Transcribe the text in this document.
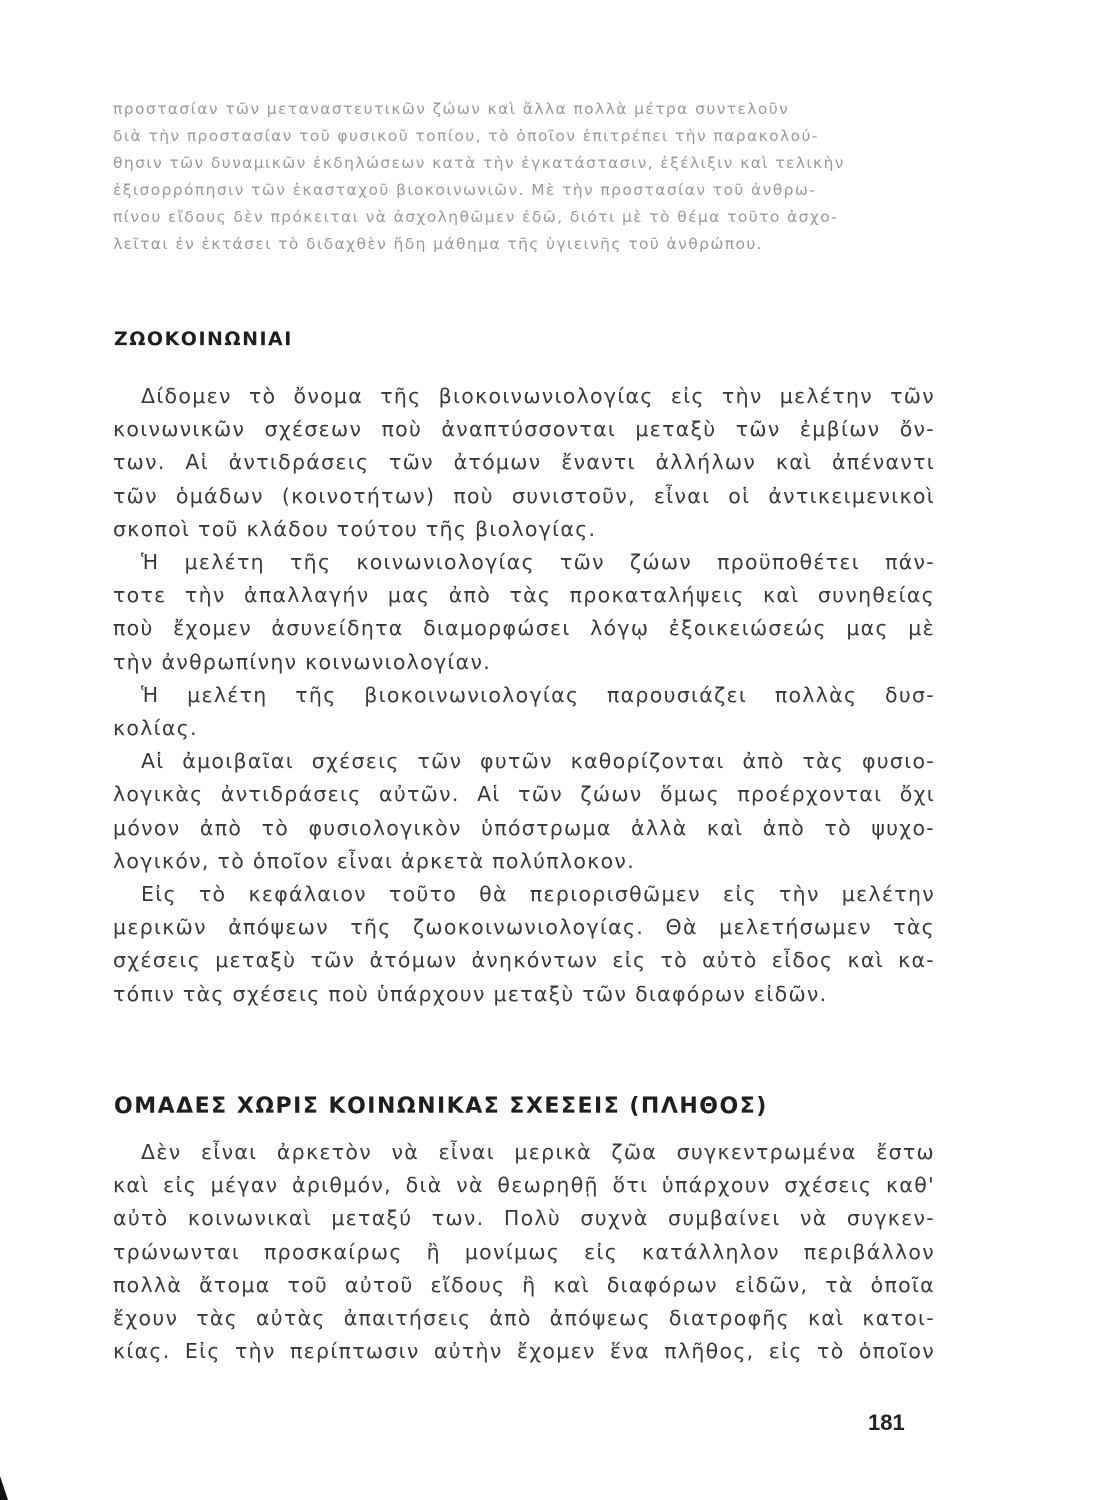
προστασίαν τῶν μεταναστευτικῶν ζώων καὶ ἄλλα πολλὰ μέτρα συντελοῦν
διὰ τὴν προστασίαν τοῦ φυσικοῦ τοπίου, τὸ ὁποῖον ἐπιτρέπει τὴν παρακολού-
θησιν τῶν δυναμικῶν ἐκδηλώσεων κατὰ τὴν ἐγκατάστασιν, ἐξέλιξιν καὶ τελικὴν
ἐξισορρόπησιν τῶν ἑκασταχοῦ βιοκοινωνιῶν. Μὲ τὴν προστασίαν τοῦ ἀνθρω-
πίνου εἴδους δὲν πρόκειται νὰ ἀσχοληθῶμεν ἐδῶ, διότι μὲ τὸ θέμα τοῦτο ἀσχο-
λεῖται ἐν ἐκτάσει τὸ διδαχθὲν ἤδη μάθημα τῆς ὑγιεινῆς τοῦ ἀνθρώπου.
ΖΩΟΚΟΙΝΩΝΙΑΙ
Δίδομεν τὸ ὄνομα τῆς βιοκοινωνιολογίας εἰς τὴν μελέτην τῶν
κοινωνικῶν σχέσεων ποὺ ἀναπτύσσονται μεταξὺ τῶν ἐμβίων ὄν-
των. Αἱ ἀντιδράσεις τῶν ἀτόμων ἔναντι ἀλλήλων καὶ ἀπέναντι
τῶν ὁμάδων (κοινοτήτων) ποὺ συνιστοῦν, εἶναι οἱ ἀντικειμενικοὶ
σκοποὶ τοῦ κλάδου τούτου τῆς βιολογίας.
Ἡ μελέτη τῆς κοινωνιολογίας τῶν ζώων προϋποθέτει πάν-
τοτε τὴν ἀπαλλαγήν μας ἀπὸ τὰς προκαταλήψεις καὶ συνηθείας
ποὺ ἔχομεν ἀσυνείδητα διαμορφώσει λόγῳ ἐξοικειώσεώς μας μὲ
τὴν ἀνθρωπίνην κοινωνιολογίαν.
Ἡ μελέτη τῆς βιοκοινωνιολογίας παρουσιάζει πολλὰς δυσ-
κολίας.
Αἱ ἀμοιβαῖαι σχέσεις τῶν φυτῶν καθορίζονται ἀπὸ τὰς φυσιο-
λογικὰς ἀντιδράσεις αὐτῶν. Αἱ τῶν ζώων ὅμως προέρχονται ὄχι
μόνον ἀπὸ τὸ φυσιολογικὸν ὑπόστρωμα ἀλλὰ καὶ ἀπὸ τὸ ψυχο-
λογικόν, τὸ ὁποῖον εἶναι ἀρκετὰ πολύπλοκον.
Εἰς τὸ κεφάλαιον τοῦτο θὰ περιορισθῶμεν εἰς τὴν μελέτην
μερικῶν ἀπόψεων τῆς ζωοκοινωνιολογίας. Θὰ μελετήσωμεν τὰς
σχέσεις μεταξὺ τῶν ἀτόμων ἀνηκόντων εἰς τὸ αὐτὸ εἶδος καὶ κα-
τόπιν τὰς σχέσεις ποὺ ὑπάρχουν μεταξὺ τῶν διαφόρων εἰδῶν.
ΟΜΑΔΕΣ ΧΩΡΙΣ ΚΟΙΝΩΝΙΚΑΣ ΣΧΕΣΕΙΣ (ΠΛΗΘΟΣ)
Δὲν εἶναι ἀρκετὸν νὰ εἶναι μερικὰ ζῶα συγκεντρωμένα ἔστω
καὶ εἰς μέγαν ἀριθμόν, διὰ νὰ θεωρηθῇ ὅτι ὑπάρχουν σχέσεις καθ'
αὐτὸ κοινωνικαὶ μεταξύ των. Πολὺ συχνὰ συμβαίνει νὰ συγκεν-
τρώνωνται προσκαίρως ἢ μονίμως εἰς κατάλληλον περιβάλλον
πολλὰ ἄτομα τοῦ αὐτοῦ εἴδους ἢ καὶ διαφόρων εἰδῶν, τὰ ὁποῖα
ἔχουν τὰς αὐτὰς ἀπαιτήσεις ἀπὸ ἀπόψεως διατροφῆς καὶ κατοι-
κίας. Εἰς τὴν περίπτωσιν αὐτὴν ἔχομεν ἕνα πλῆθος, εἰς τὸ ὁποῖον
181
